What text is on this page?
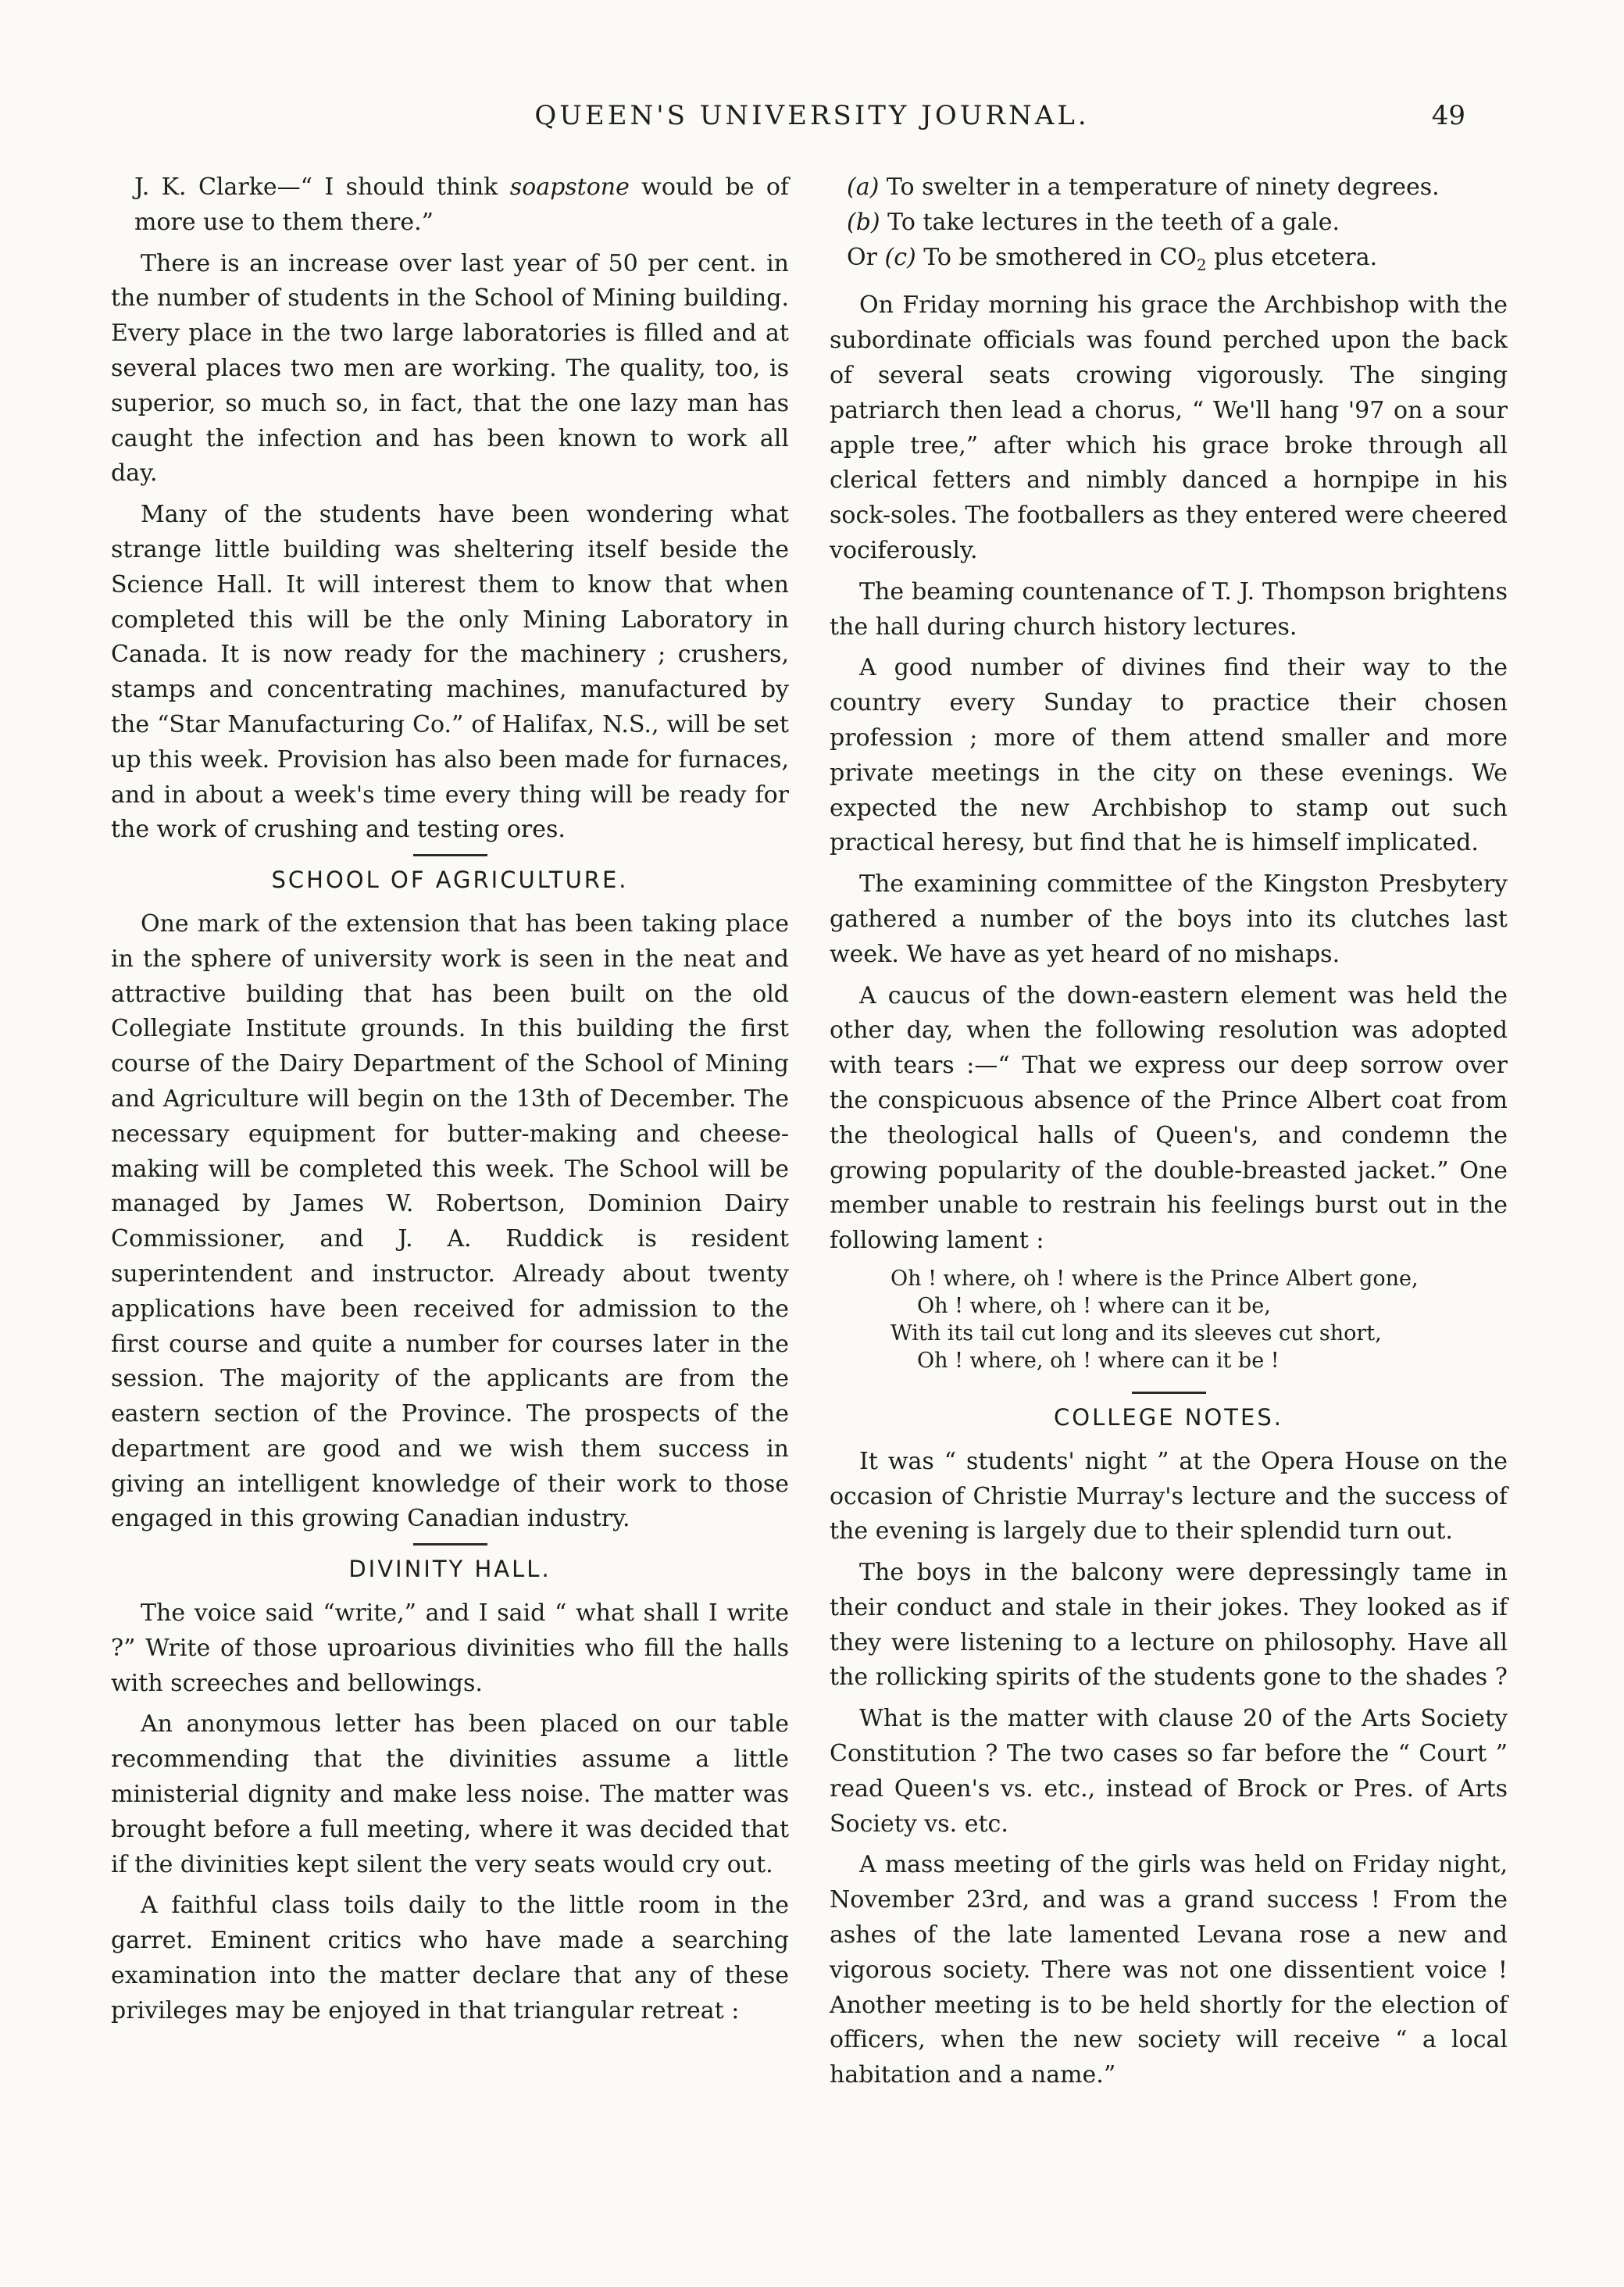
QUEEN'S UNIVERSITY JOURNAL.	49

J. K. Clarke—“ I should think soapstone would be of more use to them there.”

There is an increase over last year of 50 per cent. in the number of students in the School of Mining building. Every place in the two large laboratories is filled and at several places two men are working. The quality, too, is superior, so much so, in fact, that the one lazy man has caught the infection and has been known to work all day.

Many of the students have been wondering what strange little building was sheltering itself beside the Science Hall. It will interest them to know that when completed this will be the only Mining Laboratory in Canada. It is now ready for the machinery ; crushers, stamps and concentrating machines, manufactured by the “Star Manufacturing Co.” of Halifax, N.S., will be set up this week. Provision has also been made for furnaces, and in about a week's time every thing will be ready for the work of crushing and testing ores.

SCHOOL OF AGRICULTURE.

One mark of the extension that has been taking place in the sphere of university work is seen in the neat and attractive building that has been built on the old Collegiate Institute grounds. In this building the first course of the Dairy Department of the School of Mining and Agriculture will begin on the 13th of December. The necessary equipment for butter-making and cheese-making will be completed this week. The School will be managed by James W. Robertson, Dominion Dairy Commissioner, and J. A. Ruddick is resident superintendent and instructor. Already about twenty applications have been received for admission to the first course and quite a number for courses later in the session. The majority of the applicants are from the eastern section of the Province. The prospects of the department are good and we wish them success in giving an intelligent knowledge of their work to those engaged in this growing Canadian industry.

DIVINITY HALL.

The voice said “write,” and I said “ what shall I write ?” Write of those uproarious divinities who fill the halls with screeches and bellowings.

An anonymous letter has been placed on our table recommending that the divinities assume a little ministerial dignity and make less noise. The matter was brought before a full meeting, where it was decided that if the divinities kept silent the very seats would cry out.

A faithful class toils daily to the little room in the garret. Eminent critics who have made a searching examination into the matter declare that any of these privileges may be enjoyed in that triangular retreat :

(a) To swelter in a temperature of ninety degrees.

(b) To take lectures in the teeth of a gale.

Or (c) To be smothered in $CO_2$ plus etcetera.

On Friday morning his grace the Archbishop with the subordinate officials was found perched upon the back of several seats crowing vigorously. The singing patriarch then lead a chorus, “ We'll hang '97 on a sour apple tree,” after which his grace broke through all clerical fetters and nimbly danced a hornpipe in his sock-soles. The footballers as they entered were cheered vociferously.

The beaming countenance of T. J. Thompson brightens the hall during church history lectures.

A good number of divines find their way to the country every Sunday to practice their chosen profession ; more of them attend smaller and more private meetings in the city on these evenings. We expected the new Archbishop to stamp out such practical heresy, but find that he is himself implicated.

The examining committee of the Kingston Presbytery gathered a number of the boys into its clutches last week. We have as yet heard of no mishaps.

A caucus of the down-eastern element was held the other day, when the following resolution was adopted with tears :—“ That we express our deep sorrow over the conspicuous absence of the Prince Albert coat from the theological halls of Queen's, and condemn the growing popularity of the double-breasted jacket.” One member unable to restrain his feelings burst out in the following lament :

Oh ! where, oh ! where is the Prince Albert gone,
Oh ! where, oh ! where can it be,
With its tail cut long and its sleeves cut short,
Oh ! where, oh ! where can it be !
COLLEGE NOTES.

It was “ students' night ” at the Opera House on the occasion of Christie Murray's lecture and the success of the evening is largely due to their splendid turn out.

The boys in the balcony were depressingly tame in their conduct and stale in their jokes. They looked as if they were listening to a lecture on philosophy. Have all the rollicking spirits of the students gone to the shades ?

What is the matter with clause 20 of the Arts Society Constitution ? The two cases so far before the “ Court ” read Queen's vs. etc., instead of Brock or Pres. of Arts Society vs. etc.

A mass meeting of the girls was held on Friday night, November 23rd, and was a grand success ! From the ashes of the late lamented Levana rose a new and vigorous society. There was not one dissentient voice ! Another meeting is to be held shortly for the election of officers, when the new society will receive “ a local habitation and a name.”
